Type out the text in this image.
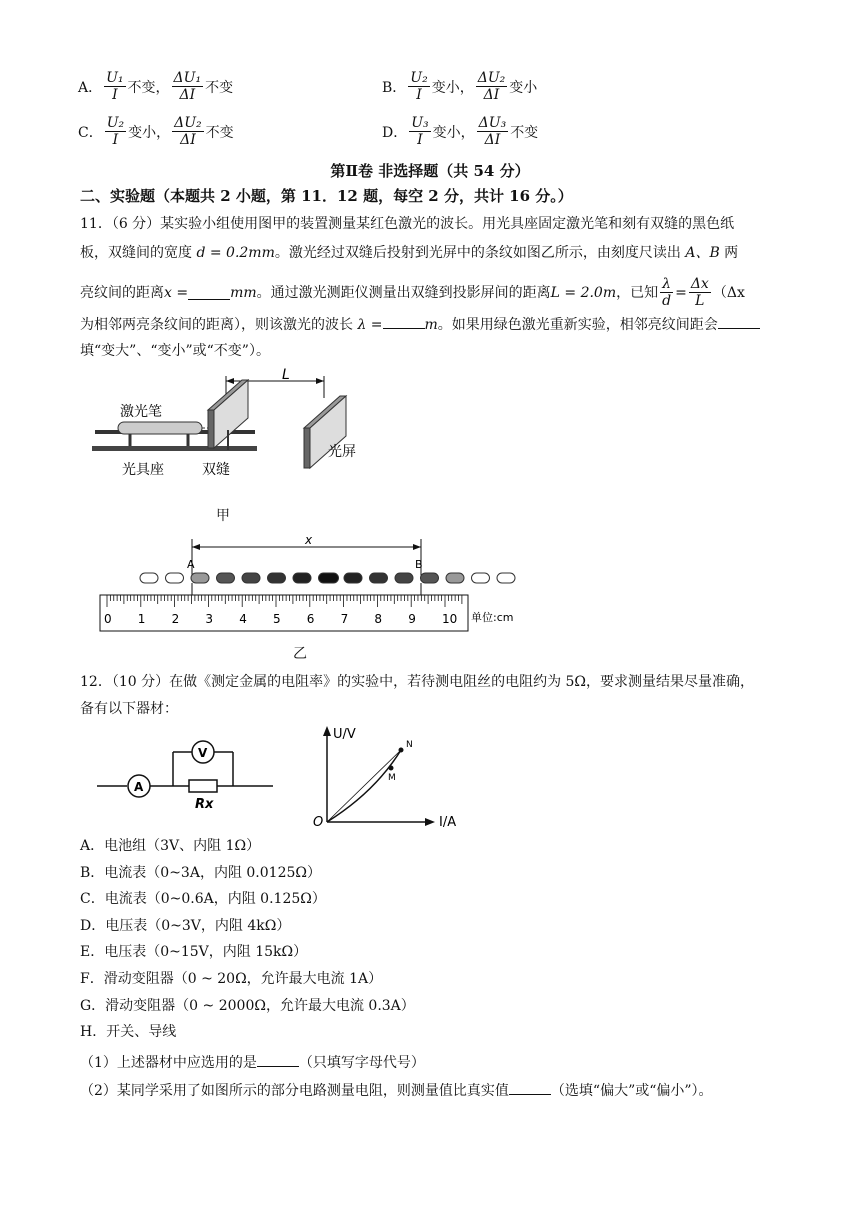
A． $\frac{\text{U₁}}{I}$ 不变， $\frac{\text{ΔU₁}}{\Delta I}$ 不变	B． $\frac{\text{U₂}}{I}$ 变小， $\frac{\text{ΔU₂}}{\Delta I}$ 变小
C． $\frac{\text{U₂}}{I}$ 变小， $\frac{\text{ΔU₂}}{\Delta I}$ 不变	D． $\frac{\text{U₃}}{I}$ 变小， $\frac{\text{ΔU₃}}{\Delta I}$ 不变
第Ⅱ卷 非选择题（共 54 分）
二、实验题（本题共 2 小题，第 11．12 题，每空 2 分，共计 16 分。）
11．（6 分）某实验小组使用图甲的装置测量某红色激光的波长。用光具座固定激光笔和刻有双缝的黑色纸
板，双缝间的宽度 d = 0.2mm。激光经过双缝后投射到光屏中的条纹如图乙所示，由刻度尺读出 A、B 两
亮纹间的距离 x =	mm 。通过激光测距仪测量出双缝到投影屏间的距离 L = 2.0m ，已知 $\frac{\lambda}{d} = \frac{\Delta x}{L} (\Delta x$
为相邻两亮条纹间的距离），则该激光的波长 λ =	m。如果用绿色激光重新实验，相邻亮纹间距会
填“变大”、“变小”或“不变”）。
L
激光笔
光屏
光具座	双缝
甲
x
A	B
0 1 2 3 4 5 6 7 8 9 10 单位:cm
乙
12．（10 分）在做《测定金属的电阻率》的实验中，若待测电阻丝的电阻约为 5Ω，要求测量结果尽量准确，
备有以下器材：
A
V
Rx
U/V
I/A
O
N
M
A．电池组（3V、内阻 1Ω）
B．电流表（0~3A，内阻 0.0125Ω）
C．电流表（0~0.6A，内阻 0.125Ω）
D．电压表（0~3V，内阻 4kΩ）
E．电压表（0~15V，内阻 15kΩ）
F．滑动变阻器（0 ~ 20Ω，允许最大电流 1A）
G．滑动变阻器（0 ~ 2000Ω，允许最大电流 0.3A）
H．开关、导线
（1）上述器材中应选用的是	（只填写字母代号）
（2）某同学采用了如图所示的部分电路测量电阻，则测量值比真实值	（选填“偏大”或“偏小”）。
